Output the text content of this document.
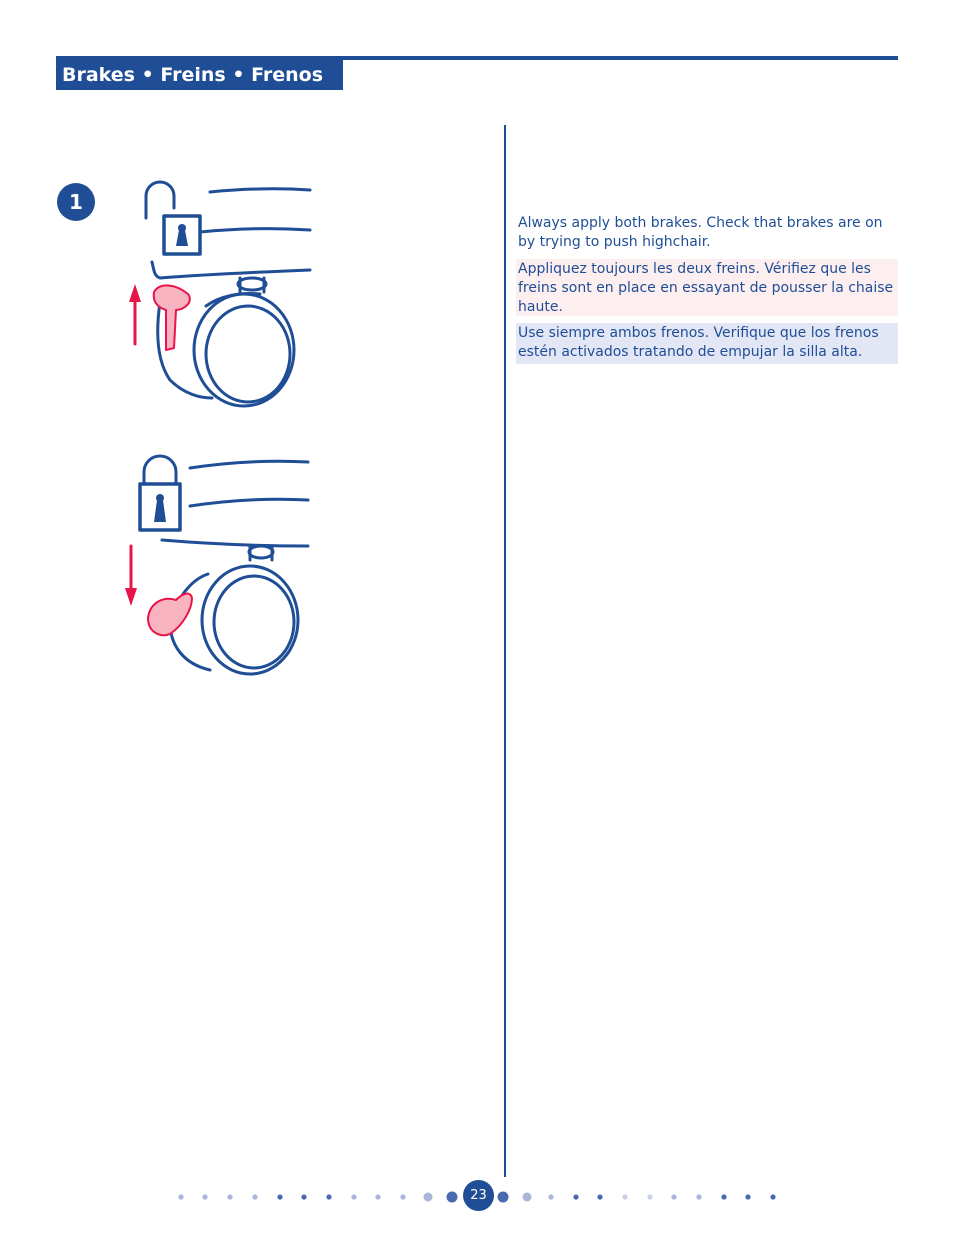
Brakes • Freins • Frenos
1
Always apply both brakes. Check that brakes are on by trying to push highchair.
Appliquez toujours les deux freins. Vérifiez que les freins sont en place en essayant de pousser la chaise haute.
Use siempre ambos frenos. Verifique que los frenos estén activados tratando de empujar la silla alta.
23
